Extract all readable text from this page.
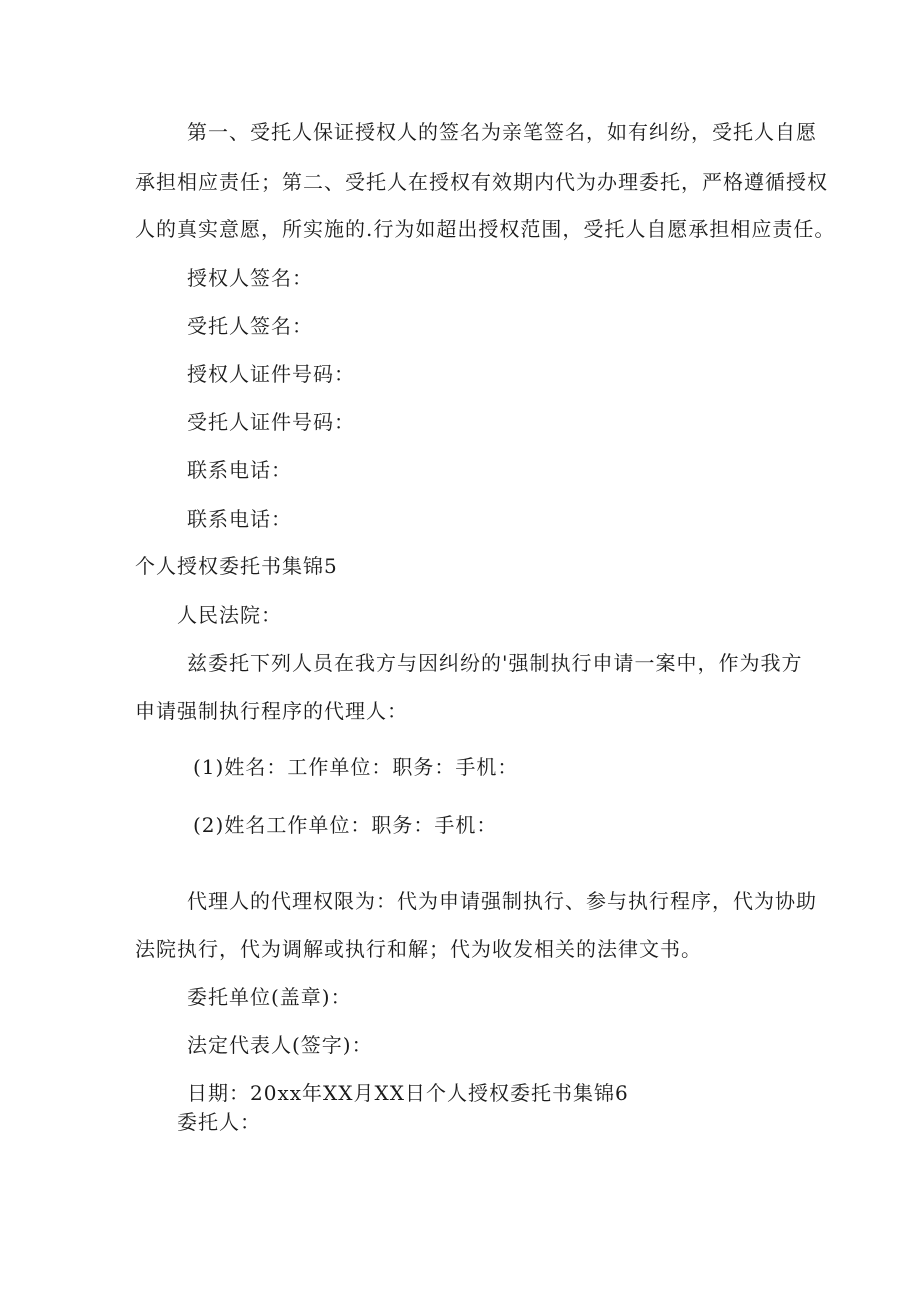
第一、受托人保证授权人的签名为亲笔签名，如有纠纷，受托人自愿
承担相应责任；第二、受托人在授权有效期内代为办理委托，严格遵循授权
人的真实意愿，所实施的.行为如超出授权范围，受托人自愿承担相应责任。
授权人签名：
受托人签名：
授权人证件号码：
受托人证件号码：
联系电话：
联系电话：
个人授权委托书集锦5
人民法院：
兹委托下列人员在我方与因纠纷的'强制执行申请一案中，作为我方
申请强制执行程序的代理人：
(1)姓名：工作单位：职务：手机：
(2)姓名工作单位：职务：手机：
代理人的代理权限为：代为申请强制执行、参与执行程序，代为协助
法院执行，代为调解或执行和解；代为收发相关的法律文书。
委托单位(盖章)：
法定代表人(签字)：
日期：20xx年XX月XX日个人授权委托书集锦6
委托人：
